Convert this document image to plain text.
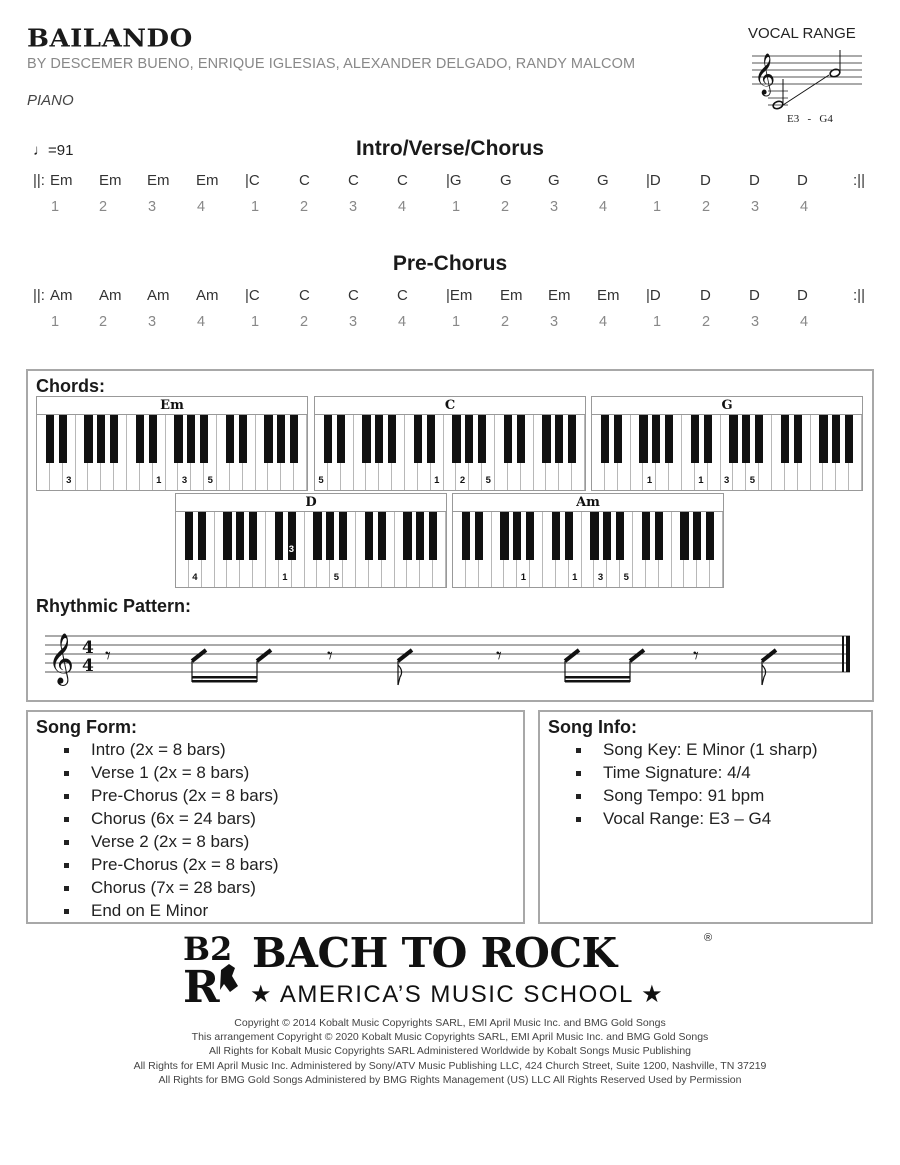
BAILANDO
BY DESCEMER BUENO, ENRIQUE IGLESIAS, ALEXANDER DELGADO, RANDY MALCOM
PIANO
VOCAL RANGE
𝄞
E3 - G4
♩=91	Intro/Verse/Chorus
||: Em Em Em Em |C	C	C	C	|G	G G G |D	D	D D	:||
1	2	3	4	1	2	3	4	1	2	3	4	1	2	3	4
Pre-Chorus
||: Am Am Am Am |C	C	C	C	|Em Em Em Em |D	D	D D	:||
1	2	3	4	1	2	3	4	1	2	3	4	1	2	3	4
Chords:
Rhythmic Pattern:
Em
3	1 3 5
C
5	1 2 5
G
1	1 3 5
D
4	1
3
5
Am
1	1 3 5
𝄞 4
4 𝄾	𝄾	𝄾	𝄾
Song Form:
Intro (2x = 8 bars)
Verse 1 (2x = 8 bars)
Pre-Chorus (2x = 8 bars)
Chorus (6x = 24 bars)
Verse 2 (2x = 8 bars)
Pre-Chorus (2x = 8 bars)
Chorus (7x = 28 bars)
End on E Minor
Song Info:
Song Key: E Minor (1 sharp)
Time Signature: 4/4
Song Tempo: 91 bpm
Vocal Range: E3 – G4
B2
R
BACH TO ROCK	®
★ AMERICA’S MUSIC SCHOOL ★
Copyright © 2014 Kobalt Music Copyrights SARL, EMI April Music Inc. and BMG Gold Songs
This arrangement Copyright © 2020 Kobalt Music Copyrights SARL, EMI April Music Inc. and BMG Gold Songs
All Rights for Kobalt Music Copyrights SARL Administered Worldwide by Kobalt Songs Music Publishing
All Rights for EMI April Music Inc. Administered by Sony/ATV Music Publishing LLC, 424 Church Street, Suite 1200, Nashville, TN 37219
All Rights for BMG Gold Songs Administered by BMG Rights Management (US) LLC All Rights Reserved Used by Permission
